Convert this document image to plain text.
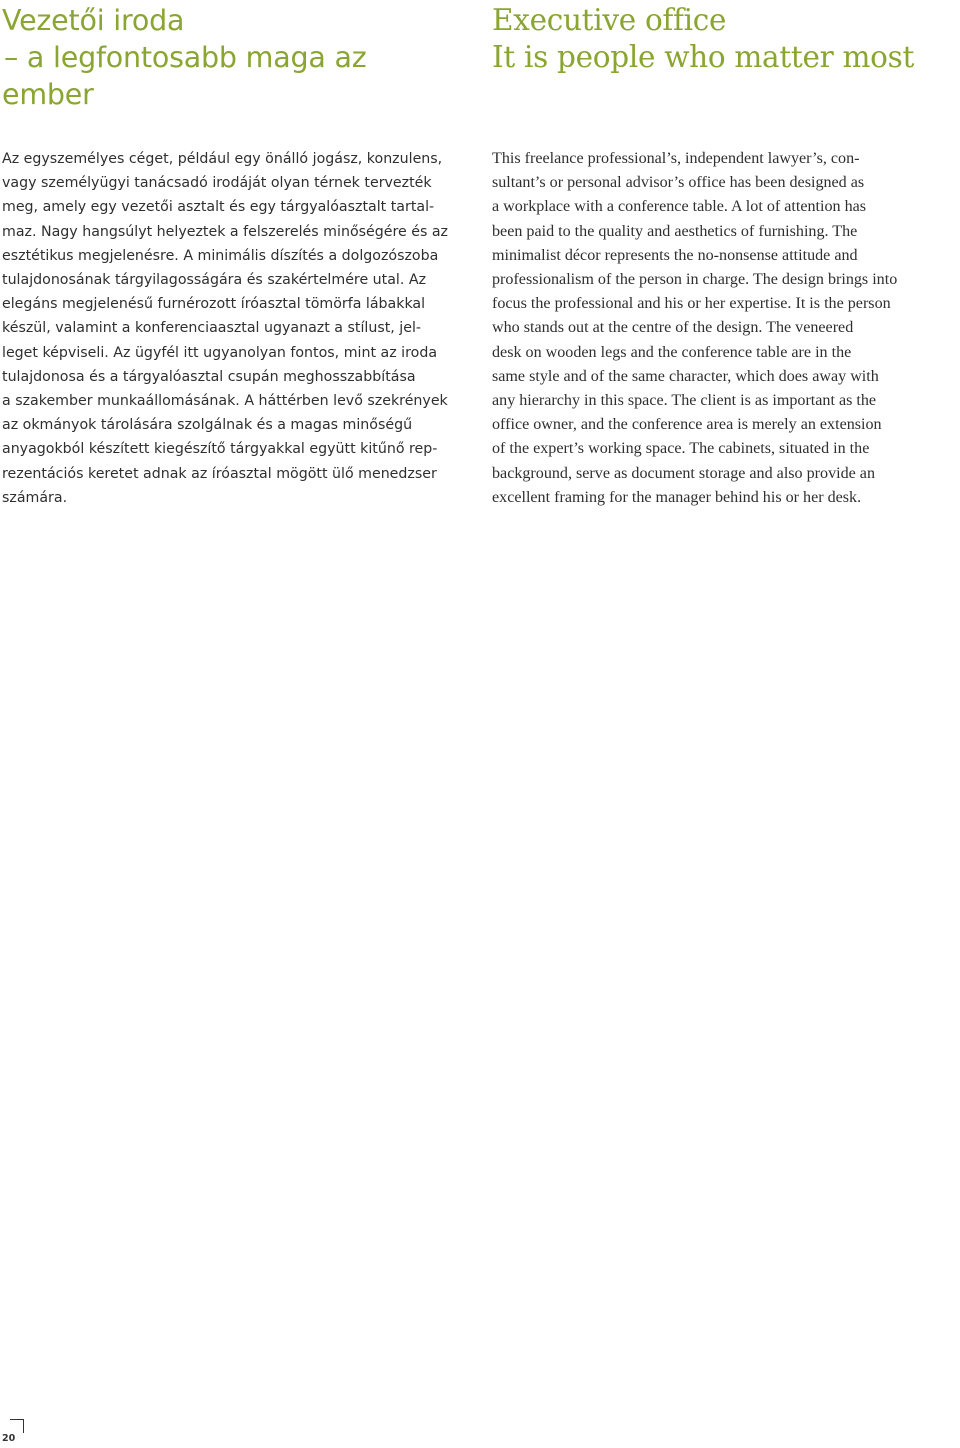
Vezetői iroda
– a legfontosabb maga az
ember
Az egyszemélyes céget, például egy önálló jogász, konzulens,
vagy személyügyi tanácsadó irodáját olyan térnek tervezték
meg, amely egy vezetői asztalt és egy tárgyalóasztalt tartal-
maz. Nagy hangsúlyt helyeztek a felszerelés minőségére és az
esztétikus megjelenésre. A minimális díszítés a dolgozószoba
tulajdonosának tárgyilagosságára és szakértelmére utal. Az
elegáns megjelenésű furnérozott íróasztal tömörfa lábakkal
készül, valamint a konferenciaasztal ugyanazt a stílust, jel-
leget képviseli. Az ügyfél itt ugyanolyan fontos, mint az iroda
tulajdonosa és a tárgyalóasztal csupán meghosszabbítása
a szakember munkaállomásának. A háttérben levő szekrények
az okmányok tárolására szolgálnak és a magas minőségű
anyagokból készített kiegészítő tárgyakkal együtt kitűnő rep-
rezentációs keretet adnak az íróasztal mögött ülő menedzser
számára.
Executive office
It is people who matter most
This freelance professional’s, independent lawyer’s, con-
sultant’s or personal advisor’s office has been designed as
a workplace with a conference table. A lot of attention has
been paid to the quality and aesthetics of furnishing. The
minimalist décor represents the no-nonsense attitude and
professionalism of the person in charge. The design brings into
focus the professional and his or her expertise. It is the person
who stands out at the centre of the design. The veneered
desk on wooden legs and the conference table are in the
same style and of the same character, which does away with
any hierarchy in this space. The client is as important as the
office owner, and the conference area is merely an extension
of the expert’s working space. The cabinets, situated in the
background, serve as document storage and also provide an
excellent framing for the manager behind his or her desk.
20
